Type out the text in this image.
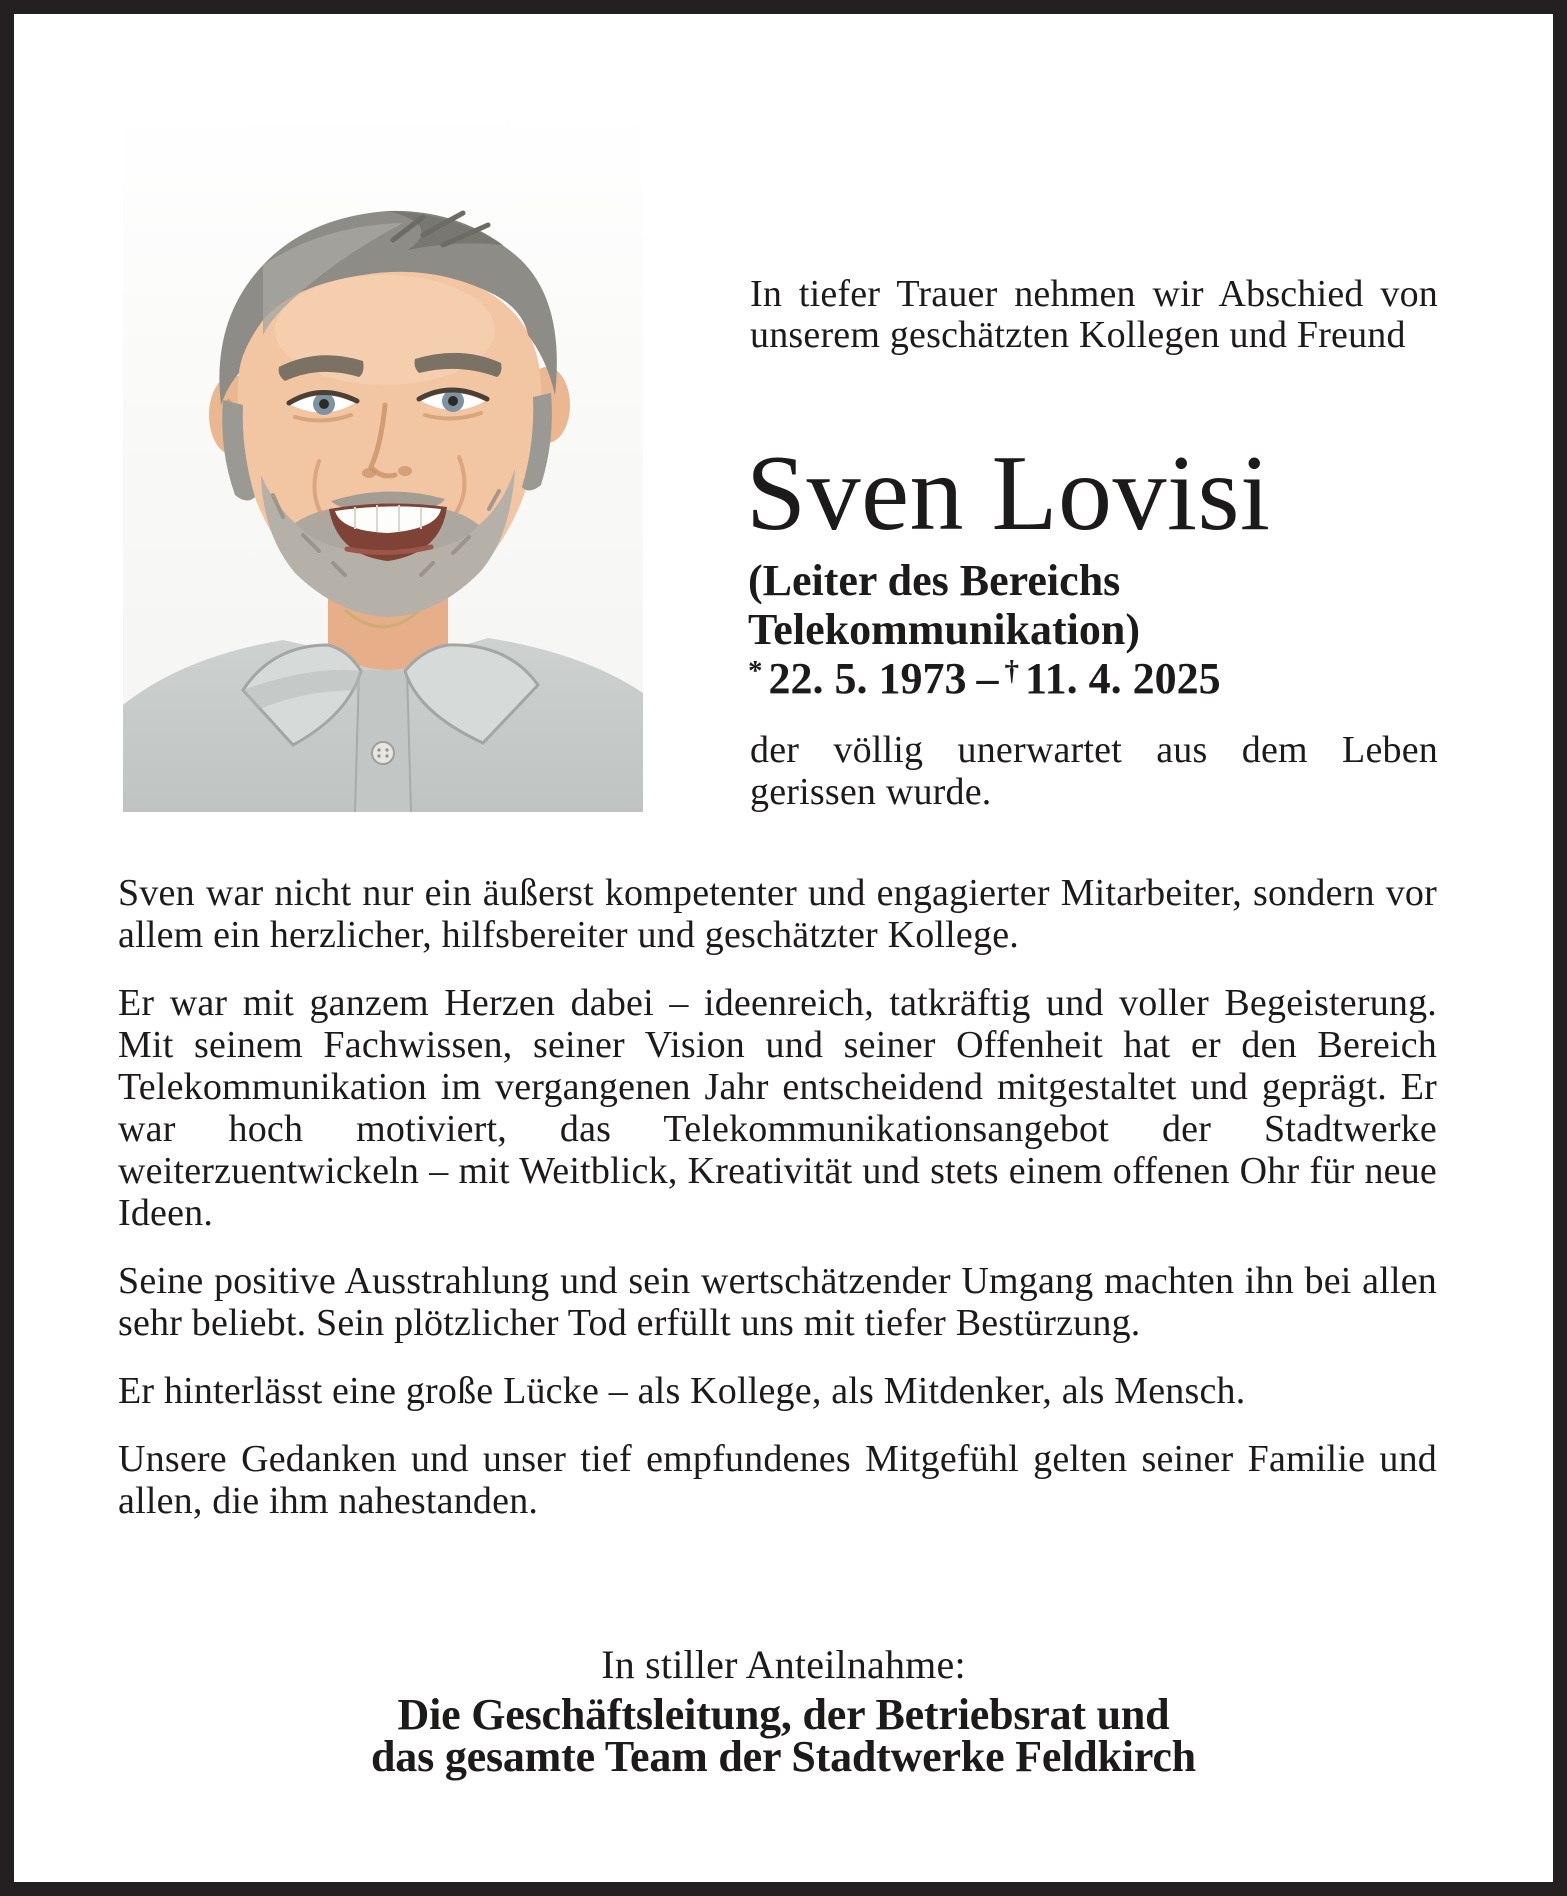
In tiefer Trauer nehmen wir Abschied von unserem geschätzten Kollegen und Freund

Sven Lovisi
(Leiter des Bereichs
Telekommunikation)
* 22. 5. 1973 – † 11. 4. 2025

der völlig unerwartet aus dem Leben gerissen wurde.

Sven war nicht nur ein äußerst kompetenter und engagierter Mitarbeiter, sondern vor allem ein herzlicher, hilfsbereiter und geschätzter Kollege.

Er war mit ganzem Herzen dabei – ideenreich, tatkräftig und voller Begeisterung. Mit seinem Fachwissen, seiner Vision und seiner Offenheit hat er den Bereich Telekommunikation im vergangenen Jahr entscheidend mitgestaltet und geprägt. Er war hoch motiviert, das Telekommunikationsangebot der Stadtwerke weiterzuentwickeln – mit Weitblick, Kreativität und stets einem offenen Ohr für neue Ideen.

Seine positive Ausstrahlung und sein wertschätzender Umgang machten ihn bei allen sehr beliebt. Sein plötzlicher Tod erfüllt uns mit tiefer Bestürzung.

Er hinterlässt eine große Lücke – als Kollege, als Mitdenker, als Mensch.

Unsere Gedanken und unser tief empfundenes Mitgefühl gelten seiner Familie und allen, die ihm nahestanden.

In stiller Anteilnahme:

Die Geschäftsleitung, der Betriebsrat und
das gesamte Team der Stadtwerke Feldkirch
